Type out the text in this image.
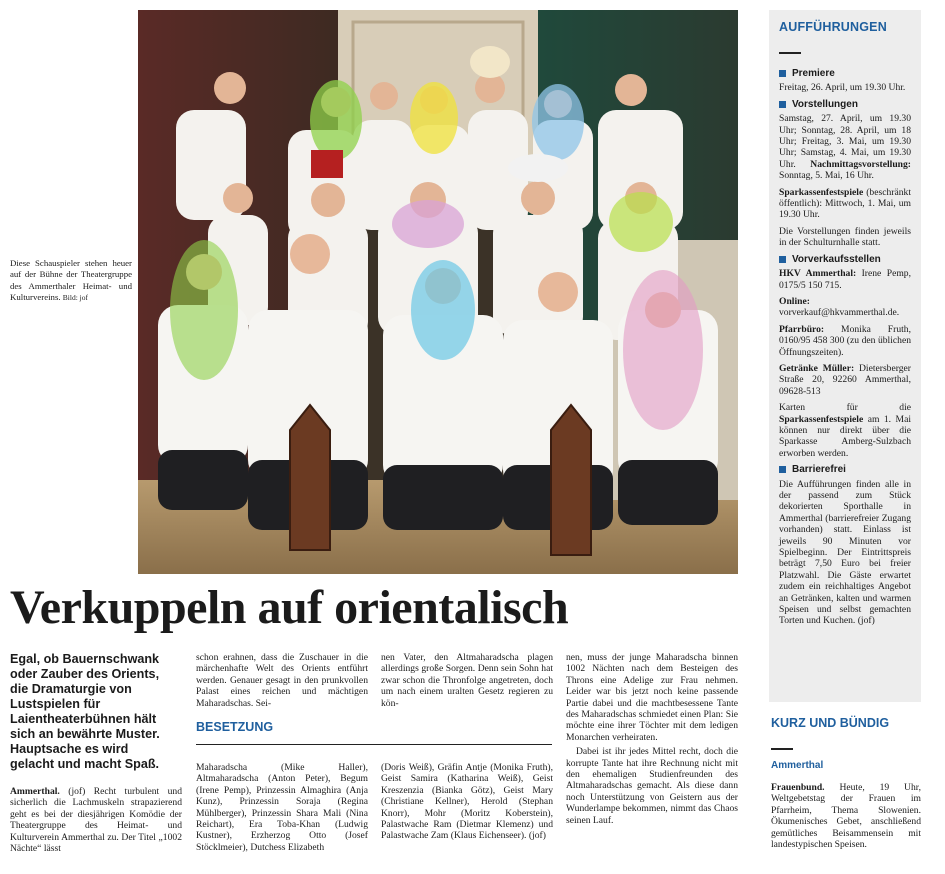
Diese Schauspieler stehen heuer auf der Bühne der Theatergruppe des Ammerthaler Heimat- und Kulturvereins. Bild: jof
AUFFÜHRUNGEN

Premiere

Freitag, 26. April, um 19.30 Uhr.

Vorstellungen

Samstag, 27. April, um 19.30 Uhr; Sonntag, 28. April, um 18 Uhr; Freitag, 3. Mai, um 19.30 Uhr; Samstag, 4. Mai, um 19.30 Uhr. Nachmittagsvorstellung: Sonntag, 5. Mai, 16 Uhr.

Sparkassenfestspiele (beschränkt öffentlich): Mittwoch, 1. Mai, um 19.30 Uhr.

Die Vorstellungen finden jeweils in der Schulturnhalle statt.

Vorverkaufsstellen

HKV Ammerthal: Irene Pemp, 0175/5 150 715.

Online: vorverkauf@hkvammerthal.de.

Pfarrbüro: Monika Fruth, 0160/95 458 300 (zu den üblichen Öffnungszeiten).

Getränke Müller: Dietersberger Straße 20, 92260 Ammerthal, 09628-513

Karten für die Sparkassenfestspiele am 1. Mai können nur direkt über die Sparkasse Amberg-Sulzbach erworben werden.

Barrierefrei

Die Aufführungen finden alle in der passend zum Stück dekorierten Sporthalle in Ammerthal (barrierefreier Zugang vorhanden) statt. Einlass ist jeweils 90 Minuten vor Spielbeginn. Der Eintrittspreis beträgt 7,50 Euro bei freier Platzwahl. Die Gäste erwartet zudem ein reichhaltiges Angebot an Getränken, kalten und warmen Speisen und selbst gemachten Torten und Kuchen. (jof)

KURZ UND BÜNDIG
Ammerthal
Frauenbund. Heute, 19 Uhr, Weltgebetstag der Frauen im Pfarrheim, Thema Slowenien. Ökumenisches Gebet, anschließend gemütliches Beisammensein mit landestypischen Speisen.
Verkuppeln auf orientalisch
Egal, ob Bauernschwank oder Zauber des Orients, die Dramaturgie von Lustspielen für Laientheaterbühnen hält sich an bewährte Muster. Hauptsache es wird gelacht und macht Spaß.
Ammerthal. (jof) Recht turbulent und sicherlich die Lachmuskeln strapazierend geht es bei der diesjährigen Komödie der Theatergruppe des Heimat- und Kulturverein Ammerthal zu. Der Titel „1002 Nächte“ lässt
schon erahnen, dass die Zuschauer in die märchenhafte Welt des Orients entführt werden. Genauer gesagt in den prunkvollen Palast eines reichen und mächtigen Maharadschas. Sei-
BESETZUNG
Maharadscha (Mike Haller), Altmaharadscha (Anton Peter), Begum (Irene Pemp), Prinzessin Almaghira (Anja Kunz), Prinzessin Soraja (Regina Mühlberger), Prinzessin Shara Mali (Nina Reichart), Era Toba-Khan (Ludwig Kustner), Erzherzog Otto (Josef Stöcklmeier), Dutchess Elizabeth
nen Vater, den Altmaharadscha plagen allerdings große Sorgen. Denn sein Sohn hat zwar schon die Thronfolge angetreten, doch um nach einem uralten Gesetz regieren zu kön-
(Doris Weiß), Gräfin Antje (Monika Fruth), Geist Samira (Katharina Weiß), Geist Kreszenzia (Bianka Götz), Geist Mary (Christiane Kellner), Herold (Stephan Knorr), Mohr (Moritz Koberstein), Palastwache Ram (Dietmar Klemenz) und Palastwache Zam (Klaus Eichenseer). (jof)

nen, muss der junge Maharadscha binnen 1002 Nächten nach dem Besteigen des Throns eine Adelige zur Frau nehmen. Leider war bis jetzt noch keine passende Partie dabei und die machtbesessene Tante des Maharadschas schmiedet einen Plan: Sie möchte eine ihrer Töchter mit dem ledigen Monarchen verheiraten.

Dabei ist ihr jedes Mittel recht, doch die korrupte Tante hat ihre Rechnung nicht mit den ehemaligen Studienfreunden des Altmaharadschas gemacht. Als diese dann noch Unterstützung von Geistern aus der Wunderlampe bekommen, nimmt das Chaos seinen Lauf.
